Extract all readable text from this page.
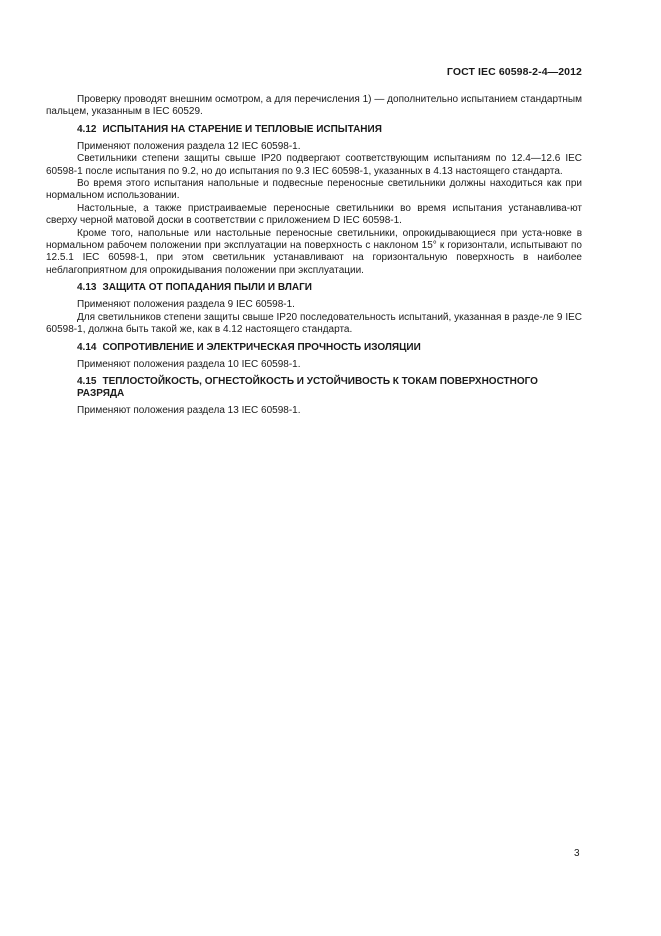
ГОСТ IEC 60598-2-4—2012

Проверку проводят внешним осмотром, а для перечисления 1) — дополнительно испытанием стандартным пальцем, указанным в IEC 60529.

4.12 ИСПЫТАНИЯ НА СТАРЕНИЕ И ТЕПЛОВЫЕ ИСПЫТАНИЯ

Применяют положения раздела 12 IEC 60598-1.

Светильники степени защиты свыше IP20 подвергают соответствующим испытаниям по 12.4—12.6 IEC 60598-1 после испытания по 9.2, но до испытания по 9.3 IEC 60598-1, указанных в 4.13 настоящего стандарта.

Во время этого испытания напольные и подвесные переносные светильники должны находиться как при нормальном использовании.

Настольные, а также пристраиваемые переносные светильники во время испытания устанавлива-ют сверху черной матовой доски в соответствии с приложением D IEC 60598-1.

Кроме того, напольные или настольные переносные светильники, опрокидывающиеся при уста-новке в нормальном рабочем положении при эксплуатации на поверхность с наклоном 15° к горизонтали, испытывают по 12.5.1 IEC 60598-1, при этом светильник устанавливают на горизонтальную поверхность в наиболее неблагоприятном для опрокидывания положении при эксплуатации.

4.13 ЗАЩИТА ОТ ПОПАДАНИЯ ПЫЛИ И ВЛАГИ

Применяют положения раздела 9 IEC 60598-1.

Для светильников степени защиты свыше IP20 последовательность испытаний, указанная в разде-ле 9 IEC 60598-1, должна быть такой же, как в 4.12 настоящего стандарта.

4.14 СОПРОТИВЛЕНИЕ И ЭЛЕКТРИЧЕСКАЯ ПРОЧНОСТЬ ИЗОЛЯЦИИ

Применяют положения раздела 10 IEC 60598-1.

4.15 ТЕПЛОСТОЙКОСТЬ, ОГНЕСТОЙКОСТЬ И УСТОЙЧИВОСТЬ К ТОКАМ ПОВЕРХНОСТНОГО РАЗРЯДА

Применяют положения раздела 13 IEC 60598-1.

3
